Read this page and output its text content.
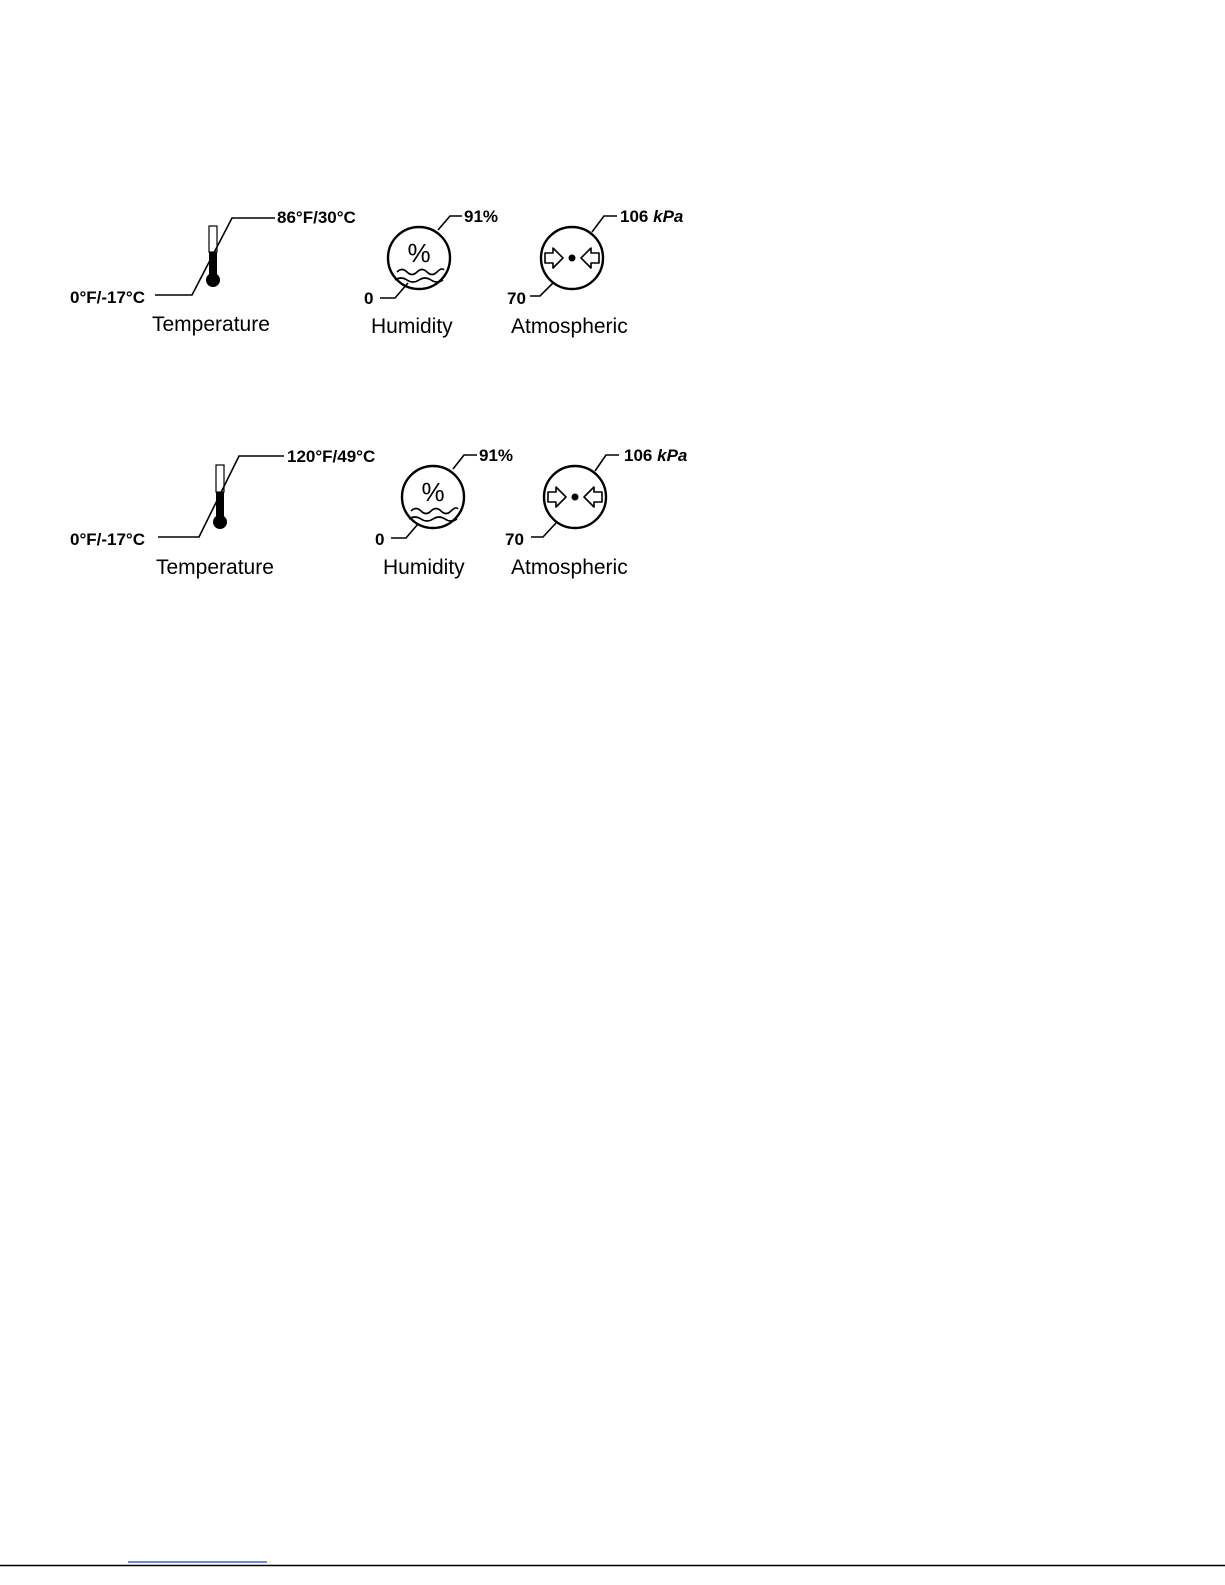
0°F/-17°C
86°F/30°C
Temperature
%
0
91%
Humidity
70
106 kPa
Atmospheric
0°F/-17°C
120°F/49°C
Temperature
%
0
91%
Humidity
70
106 kPa
Atmospheric
